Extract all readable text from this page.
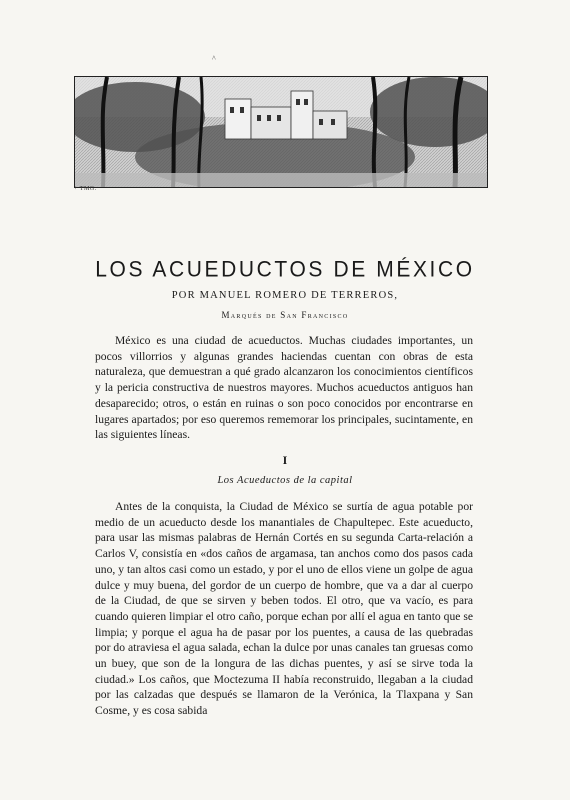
^
+ TMG.
LOS ACUEDUCTOS DE MÉXICO
POR MANUEL ROMERO DE TERREROS,
Marqués de San Francisco

México es una ciudad de acueductos. Muchas ciudades importantes, un pocos villorrios y algunas grandes haciendas cuentan con obras de esta naturaleza, que demuestran a qué grado alcanzaron los conocimientos científicos y la pericia constructiva de nuestros mayores. Muchos acueductos antiguos han desaparecido; otros, o están en ruinas o son poco conocidos por encontrarse en lugares apartados; por eso queremos rememorar los principales, sucintamente, en las siguientes líneas.

I
Los Acueductos de la capital

Antes de la conquista, la Ciudad de México se surtía de agua potable por medio de un acueducto desde los manantiales de Chapultepec. Este acueducto, para usar las mismas palabras de Hernán Cortés en su segunda Carta-relación a Carlos V, consistía en «dos caños de argamasa, tan anchos como dos pasos cada uno, y tan altos casi como un estado, y por el uno de ellos viene un golpe de agua dulce y muy buena, del gordor de un cuerpo de hombre, que va a dar al cuerpo de la Ciudad, de que se sirven y beben todos. El otro, que va vacío, es para cuando quieren limpiar el otro caño, porque echan por allí el agua en tanto que se limpia; y porque el agua ha de pasar por los puentes, a causa de las quebradas por do atraviesa el agua salada, echan la dulce por unas canales tan gruesas como un buey, que son de la longura de las dichas puentes, y así se sirve toda la ciudad.» Los caños, que Moctezuma II había reconstruido, llegaban a la ciudad por las calzadas que después se llamaron de la Verónica, la Tlaxpana y San Cosme, y es cosa sabida
